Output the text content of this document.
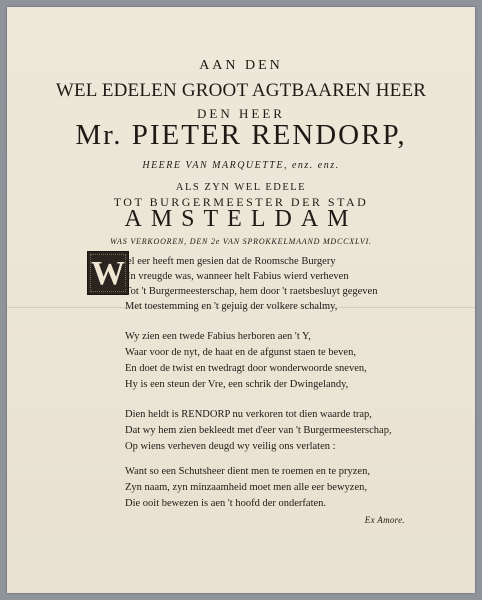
AAN DEN
WEL EDELEN GROOT AGTBAAREN HEER
DEN HEER
Mr. PIETER RENDORP,
HEERE VAN MARQUETTE, enz. enz.
ALS ZYN WEL EDELE
TOT BURGERMEESTER DER STAD
AMSTELDAM
WAS VERKOOREN, DEN 2e VAN SPROKKELMAAND MDCCXLVI.
W el eer heeft men gesien dat de Roomsche Burgery
In vreugde was, wanneer helt Fabius wierd verheven
Tot 't Burgermeesterschap, hem door 't raetsbesluyt gegeven
Met toestemming en 't gejuig der volkere schalmy,
Wy zien een twede Fabius herboren aen 't Y,
Waar voor de nyt, de haat en de afgunst staen te beven,
En doet de twist en twedragt door wonderwoorde sneven,
Hy is een steun der Vre, een schrik der Dwingelandy,
Dien heldt is RENDORP nu verkoren tot dien waarde trap,
Dat wy hem zien bekleedt met d'eer van 't Burgermeesterschap,
Op wiens verheven deugd wy veilig ons verlaten :
Want so een Schutsheer dient men te roemen en te pryzen,
Zyn naam, zyn minzaamheid moet men alle eer bewyzen,
Die ooit bewezen is aen 't hoofd der onderfaten.
Ex Amore.
